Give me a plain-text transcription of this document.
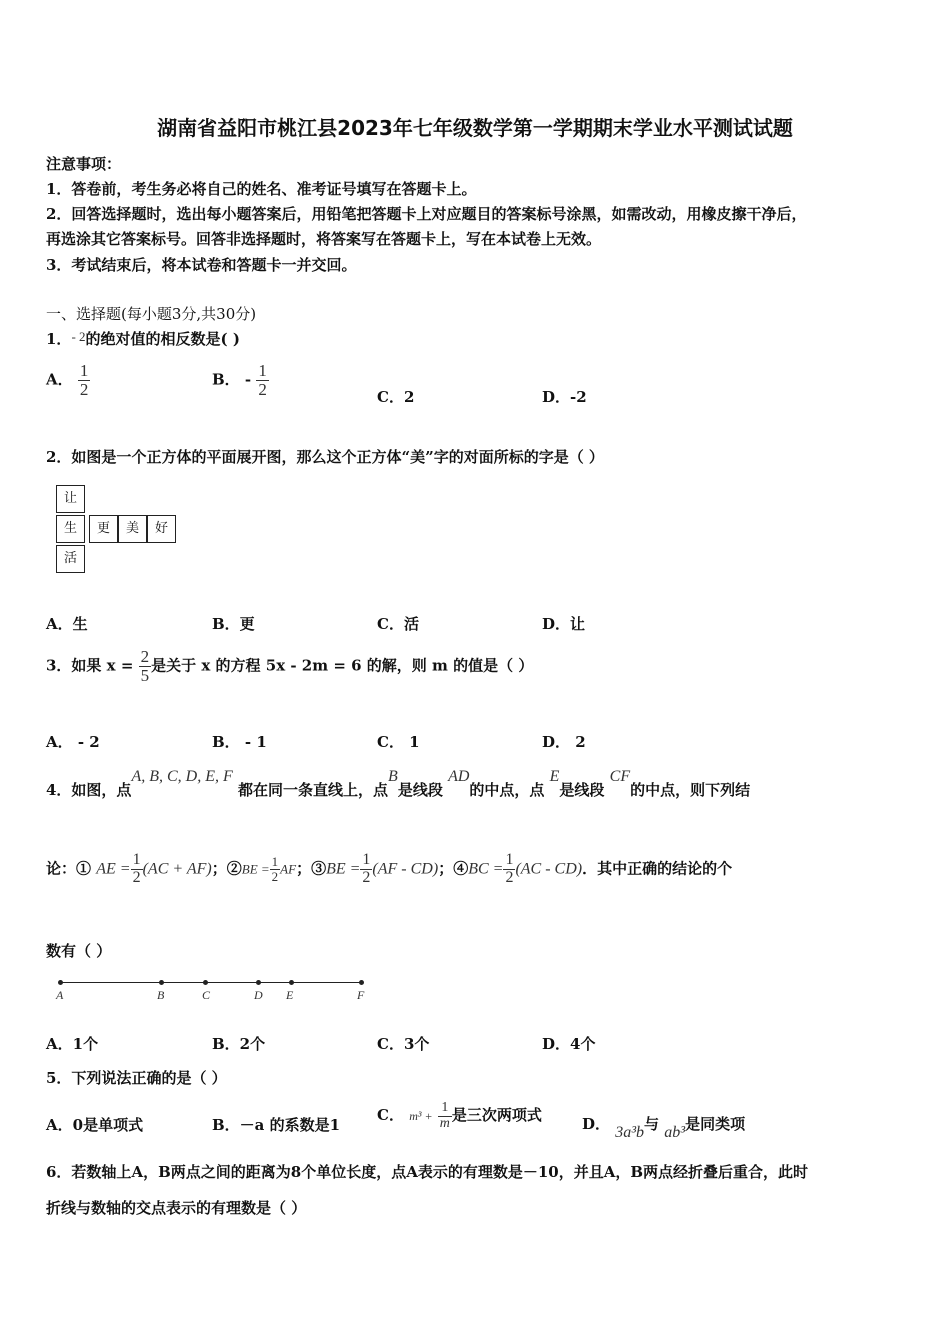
湖南省益阳市桃江县2023年七年级数学第一学期期末学业水平测试试题
注意事项：
1．答卷前，考生务必将自己的姓名、准考证号填写在答题卡上。
2．回答选择题时，选出每小题答案后，用铅笔把答题卡上对应题目的答案标号涂黑，如需改动，用橡皮擦干净后，
再选涂其它答案标号。回答非选择题时，将答案写在答题卡上，写在本试卷上无效。
3．考试结束后，将本试卷和答题卡一并交回。
一、选择题(每小题3分,共30分)
1．- 2的绝对值的相反数是( )
A． $\frac{1}{2}$	B． - $\frac{1}{2}$	C．2	D．-2
2．如图是一个正方体的平面展开图，那么这个正方体“美”字的对面所标的字是（ ）
让
生	更	美	好
活
A．生	B．更	C．活	D．让
3．如果 $x = \frac{2}{5}$ 是关于 x 的方程 5x - 2m = 6 的解，则 m 的值是（ ）
A． - 2	B． - 1	C． 1	D． 2
4．如图，点A, B, C, D, E, F 都在同一条直线上，点B是线段 AD的中点，点 E是线段 CF的中点，则下列结
论：① AE = $\frac{1}{2} (AC + AF)$；②BE = $\frac{1}{2}$ AF；③BE = $\frac{1}{2} (AF - CD)$；④BC = $\frac{1}{2} (AC - CD)$．其中正确的结论的个
数有（ ）
A	B	C	D E	F
A．1个	B．2个	C．3个	D．4个
5．下列说法正确的是（ ）
A．0是单项式	B．－a 的系数是1
C． $m^3 + \frac{1}{m}$ 是三次两项式	D． 3a³b与 ab³是同类项
6．若数轴上A，B两点之间的距离为8个单位长度，点A表示的有理数是－10，并且A，B两点经折叠后重合，此时
折线与数轴的交点表示的有理数是（ ）
